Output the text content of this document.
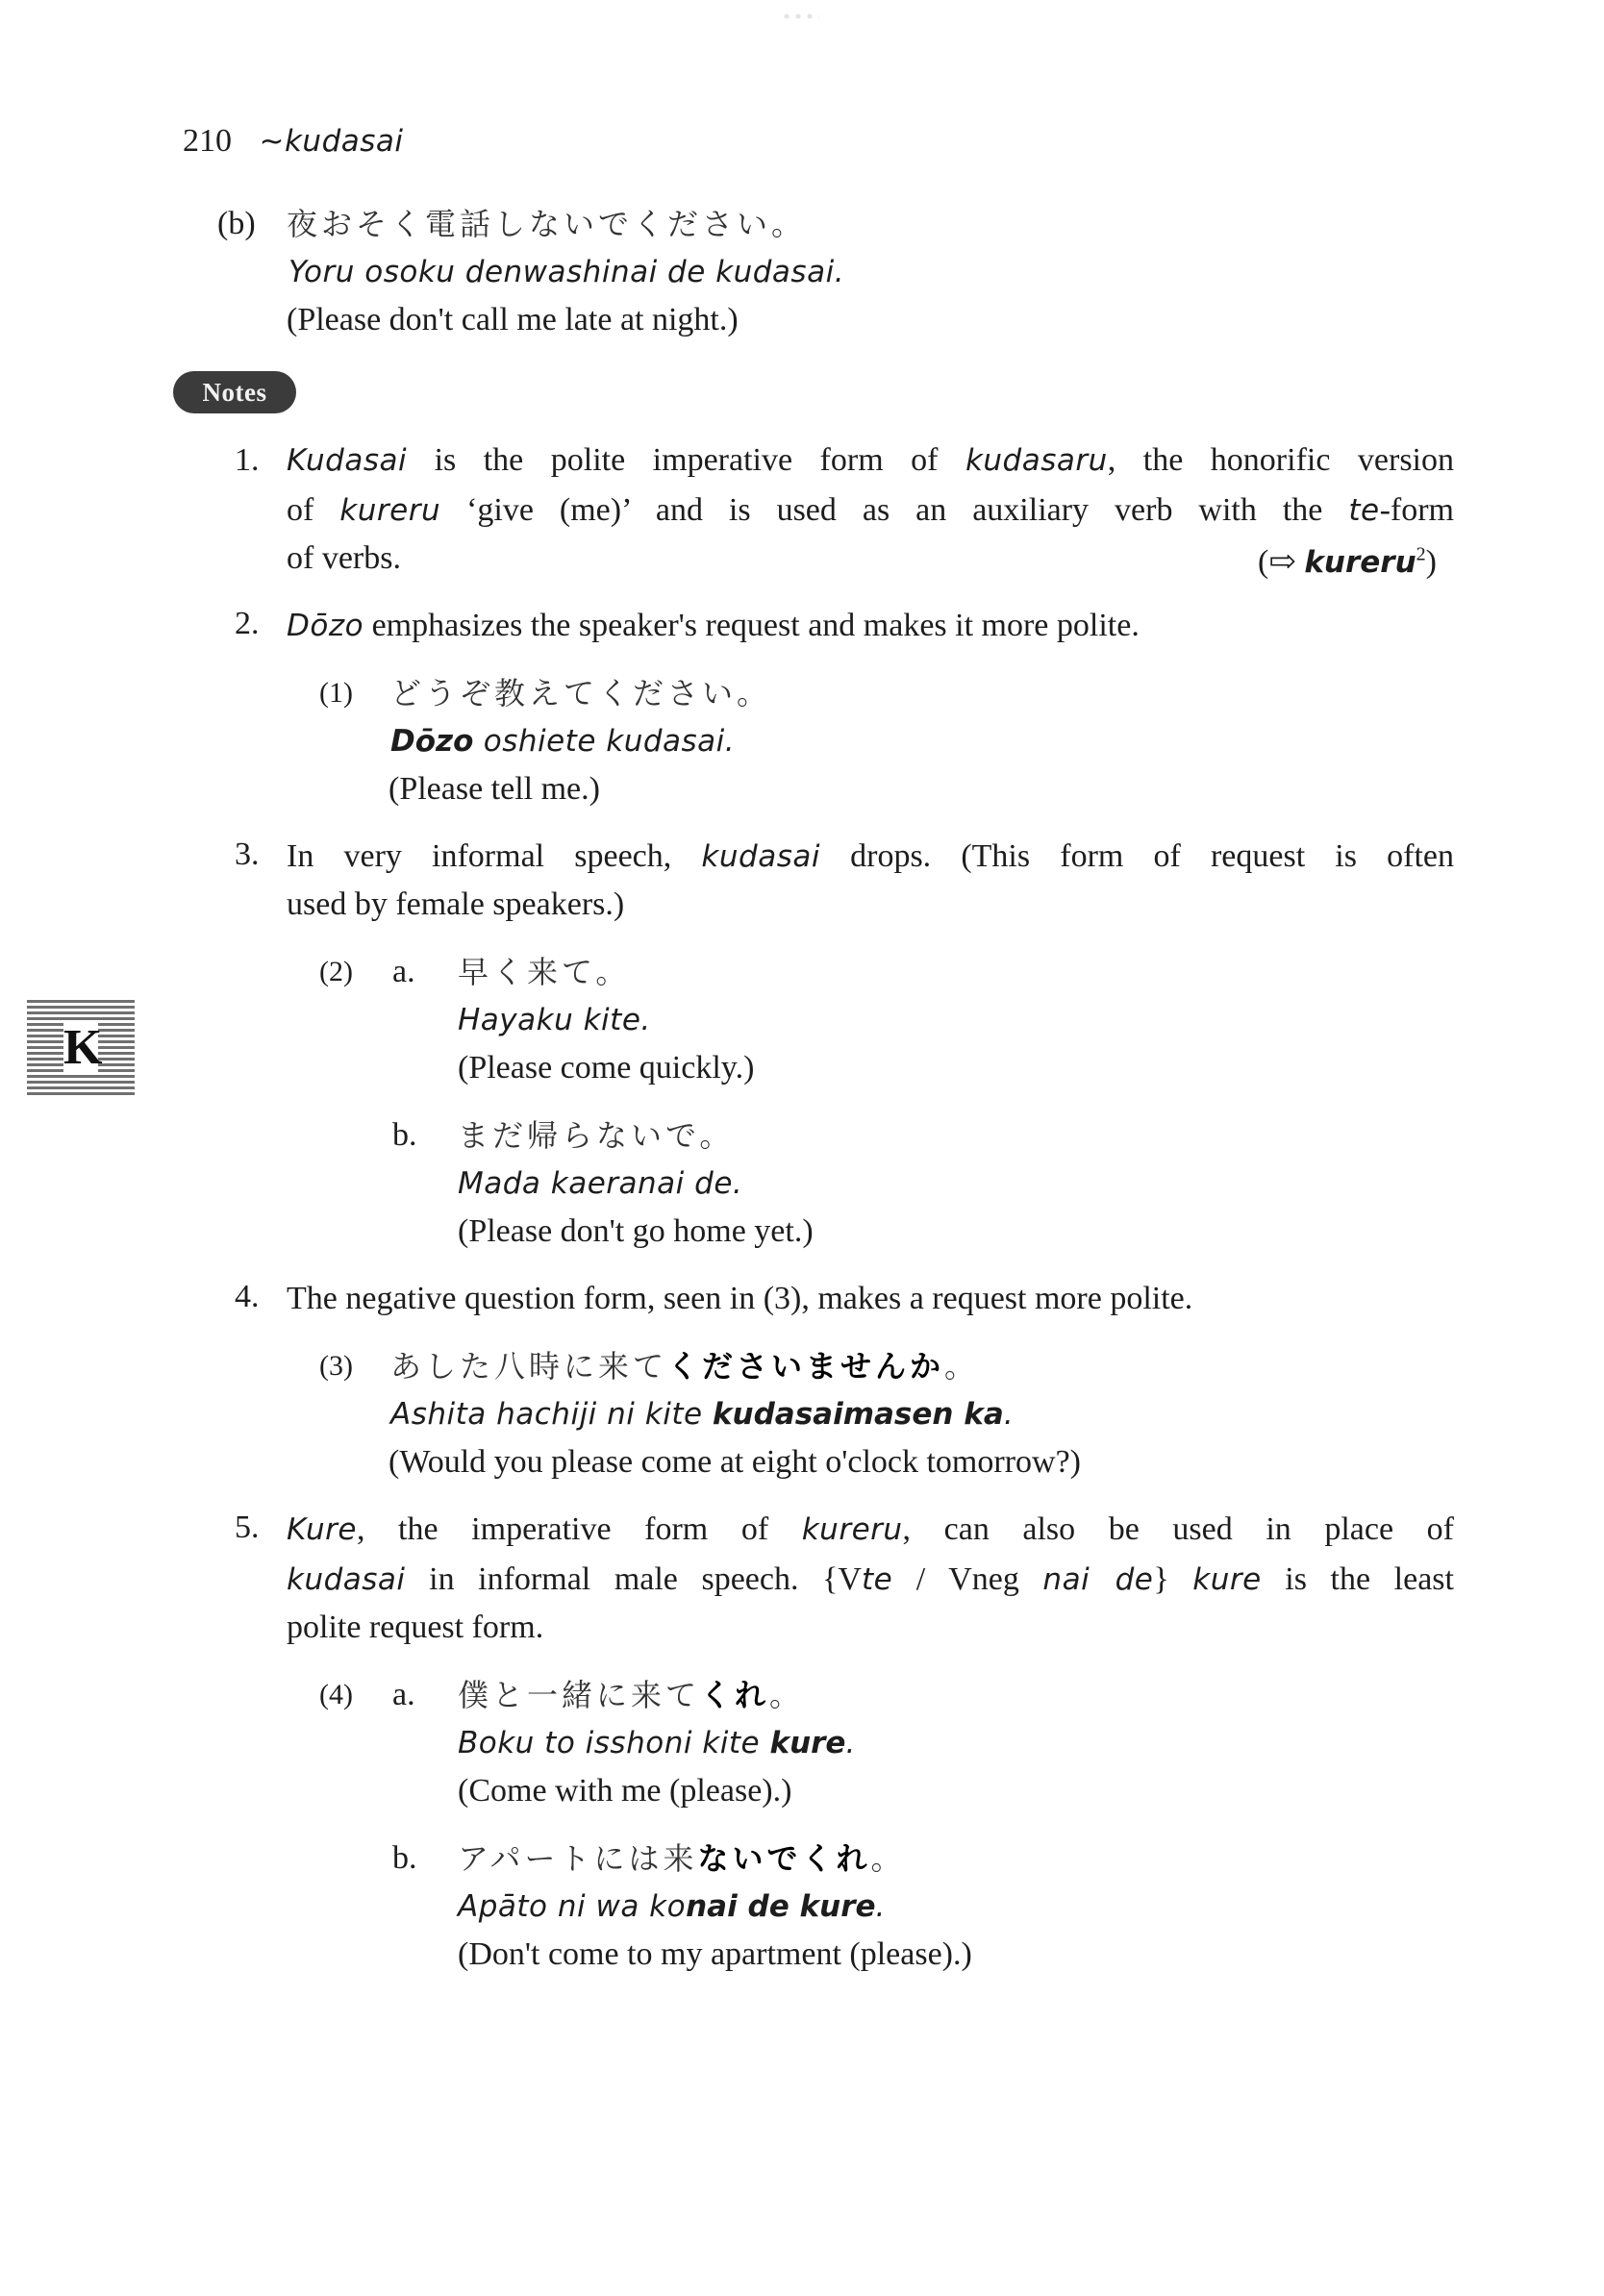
210 ~kudasai
(b) 夜おそく電話しないでください。
Yoru osoku denwashinai de kudasai.
(Please don't call me late at night.)
Notes
K
1. Kudasai is the polite imperative form of kudasaru, the honorific version
of kureru ‘give (me)’ and is used as an auxiliary verb with the te-form
of verbs.	(⇨ kureru$^2$)
2. Dōzo emphasizes the speaker's request and makes it more polite.
(1) どうぞ教えてください。
Dōzo oshiete kudasai.
(Please tell me.)
3. In very informal speech, kudasai drops. (This form of request is often
used by female speakers.)
(2) a. 早く来て。
Hayaku kite.
(Please come quickly.)
b. まだ帰らないで。
Mada kaeranai de.
(Please don't go home yet.)
4. The negative question form, seen in (3), makes a request more polite.
(3) あした八時に来てくださいませんか。
Ashita hachiji ni kite kudasaimasen ka.
(Would you please come at eight o'clock tomorrow?)
5. Kure, the imperative form of kureru, can also be used in place of
kudasai in informal male speech. {Vte / Vneg nai de} kure is the least
polite request form.
(4) a. 僕と一緒に来てくれ。
Boku to isshoni kite kure.
(Come with me (please).)
b. アパートには来ないでくれ。
Apāto ni wa konai de kure.
(Don't come to my apartment (please).)
